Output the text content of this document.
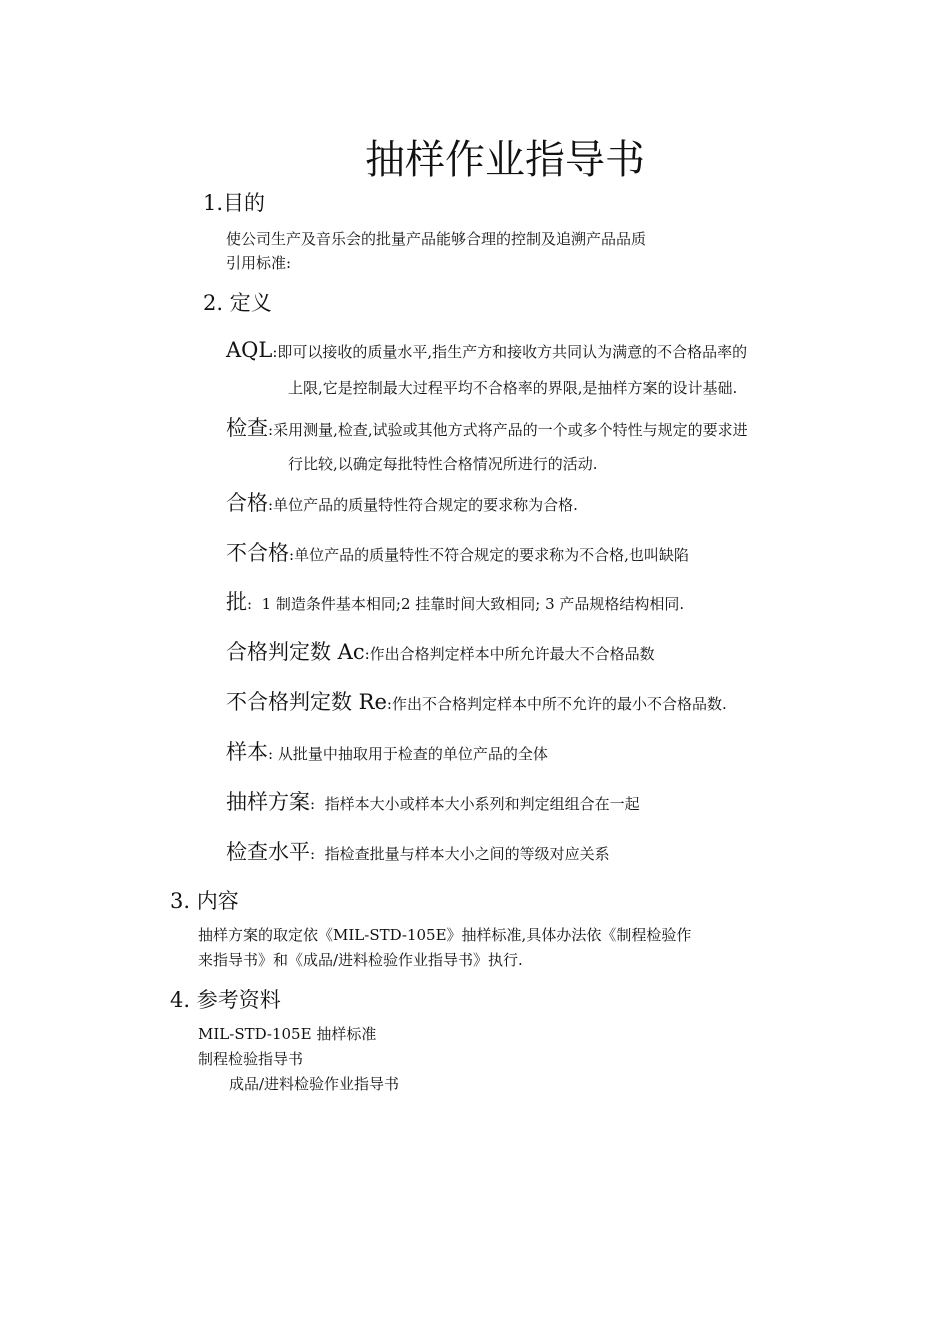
抽样作业指导书
1.目的
使公司生产及音乐会的批量产品能够合理的控制及追溯产品品质
引用标准:
2. 定义
AQL:即可以接收的质量水平,指生产方和接收方共同认为满意的不合格品率的
上限,它是控制最大过程平均不合格率的界限,是抽样方案的设计基础.
检查:采用测量,检查,试验或其他方式将产品的一个或多个特性与规定的要求进
行比较,以确定每批特性合格情况所进行的活动.
合格:单位产品的质量特性符合规定的要求称为合格.
不合格:单位产品的质量特性不符合规定的要求称为不合格,也叫缺陷
批:  1 制造条件基本相同;2 挂靠时间大致相同; 3 产品规格结构相同.
合格判定数 Ac:作出合格判定样本中所允许最大不合格品数
不合格判定数 Re:作出不合格判定样本中所不允许的最小不合格品数.
样本: 从批量中抽取用于检查的单位产品的全体
抽样方案:  指样本大小或样本大小系列和判定组组合在一起
检查水平:  指检查批量与样本大小之间的等级对应关系
3. 内容
抽样方案的取定依《MIL-STD-105E》抽样标准,具体办法依《制程检验作
来指导书》和《成品/进料检验作业指导书》执行.
4. 参考资料
MIL-STD-105E 抽样标准
制程检验指导书
成品/进料检验作业指导书
